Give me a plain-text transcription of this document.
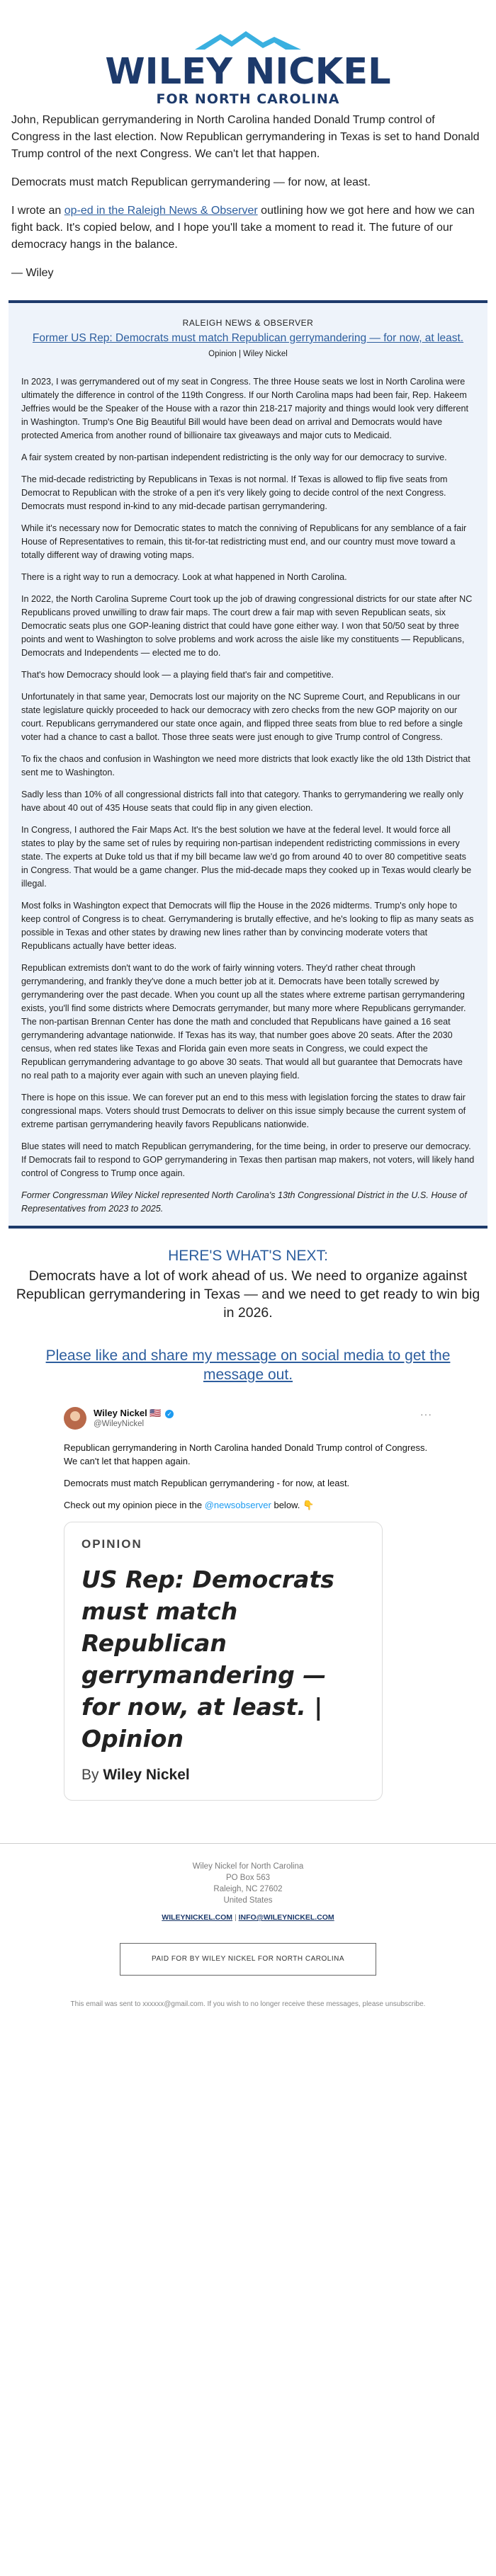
WILEY NICKEL
FOR NORTH CAROLINA

John, Republican gerrymandering in North Carolina handed Donald Trump control of Congress in the last election. Now Republican gerrymandering in Texas is set to hand Donald Trump control of the next Congress. We can't let that happen.

Democrats must match Republican gerrymandering — for now, at least.

I wrote an op-ed in the Raleigh News & Observer outlining how we got here and how we can fight back. It's copied below, and I hope you'll take a moment to read it. The future of our democracy hangs in the balance.

— Wiley

RALEIGH NEWS & OBSERVER
Former US Rep: Democrats must match Republican gerrymandering — for now, at least.
Opinion | Wiley Nickel

In 2023, I was gerrymandered out of my seat in Congress. The three House seats we lost in North Carolina were ultimately the difference in control of the 119th Congress. If our North Carolina maps had been fair, Rep. Hakeem Jeffries would be the Speaker of the House with a razor thin 218-217 majority and things would look very different in Washington. Trump's One Big Beautiful Bill would have been dead on arrival and Democrats would have protected America from another round of billionaire tax giveaways and major cuts to Medicaid.

A fair system created by non-partisan independent redistricting is the only way for our democracy to survive.

The mid-decade redistricting by Republicans in Texas is not normal. If Texas is allowed to flip five seats from Democrat to Republican with the stroke of a pen it's very likely going to decide control of the next Congress. Democrats must respond in-kind to any mid-decade partisan gerrymandering.

While it's necessary now for Democratic states to match the conniving of Republicans for any semblance of a fair House of Representatives to remain, this tit-for-tat redistricting must end, and our country must move toward a totally different way of drawing voting maps.

There is a right way to run a democracy. Look at what happened in North Carolina.

In 2022, the North Carolina Supreme Court took up the job of drawing congressional districts for our state after NC Republicans proved unwilling to draw fair maps. The court drew a fair map with seven Republican seats, six Democratic seats plus one GOP-leaning district that could have gone either way. I won that 50/50 seat by three points and went to Washington to solve problems and work across the aisle like my constituents — Republicans, Democrats and Independents — elected me to do.

That's how Democracy should look — a playing field that's fair and competitive.

Unfortunately in that same year, Democrats lost our majority on the NC Supreme Court, and Republicans in our state legislature quickly proceeded to hack our democracy with zero checks from the new GOP majority on our court. Republicans gerrymandered our state once again, and flipped three seats from blue to red before a single voter had a chance to cast a ballot. Those three seats were just enough to give Trump control of Congress.

To fix the chaos and confusion in Washington we need more districts that look exactly like the old 13th District that sent me to Washington.

Sadly less than 10% of all congressional districts fall into that category. Thanks to gerrymandering we really only have about 40 out of 435 House seats that could flip in any given election.

In Congress, I authored the Fair Maps Act. It's the best solution we have at the federal level. It would force all states to play by the same set of rules by requiring non-partisan independent redistricting commissions in every state. The experts at Duke told us that if my bill became law we'd go from around 40 to over 80 competitive seats in Congress. That would be a game changer. Plus the mid-decade maps they cooked up in Texas would clearly be illegal.

Most folks in Washington expect that Democrats will flip the House in the 2026 midterms. Trump's only hope to keep control of Congress is to cheat. Gerrymandering is brutally effective, and he's looking to flip as many seats as possible in Texas and other states by drawing new lines rather than by convincing moderate voters that Republicans actually have better ideas.

Republican extremists don't want to do the work of fairly winning voters. They'd rather cheat through gerrymandering, and frankly they've done a much better job at it. Democrats have been totally screwed by gerrymandering over the past decade. When you count up all the states where extreme partisan gerrymandering exists, you'll find some districts where Democrats gerrymander, but many more where Republicans gerrymander. The non-partisan Brennan Center has done the math and concluded that Republicans have gained a 16 seat gerrymandering advantage nationwide. If Texas has its way, that number goes above 20 seats. After the 2030 census, when red states like Texas and Florida gain even more seats in Congress, we could expect the Republican gerrymandering advantage to go above 30 seats. That would all but guarantee that Democrats have no real path to a majority ever again with such an uneven playing field.

There is hope on this issue. We can forever put an end to this mess with legislation forcing the states to draw fair congressional maps. Voters should trust Democrats to deliver on this issue simply because the current system of extreme partisan gerrymandering heavily favors Republicans nationwide.

Blue states will need to match Republican gerrymandering, for the time being, in order to preserve our democracy. If Democrats fail to respond to GOP gerrymandering in Texas then partisan map makers, not voters, will likely hand control of Congress to Trump once again.

Former Congressman Wiley Nickel represented North Carolina's 13th Congressional District in the U.S. House of Representatives from 2023 to 2025.

HERE'S WHAT'S NEXT:
Democrats have a lot of work ahead of us. We need to organize against Republican gerrymandering in Texas — and we need to get ready to win big in 2026.
Please like and share my message on social media to get the message out.
Wiley Nickel 🇺🇸 ✓
@WileyNickel
···

Republican gerrymandering in North Carolina handed Donald Trump control of Congress. We can't let that happen again.

Democrats must match Republican gerrymandering - for now, at least.

Check out my opinion piece in the @newsobserver below. 👇

OPINION
US Rep: Democrats must match Republican gerrymandering — for now, at least. | Opinion
By Wiley Nickel
Wiley Nickel for North Carolina
PO Box 563
Raleigh, NC 27602
United States
WILEYNICKEL.COM | INFO@WILEYNICKEL.COM
PAID FOR BY WILEY NICKEL FOR NORTH CAROLINA
This email was sent to xxxxxx@gmail.com. If you wish to no longer receive these messages, please unsubscribe.
